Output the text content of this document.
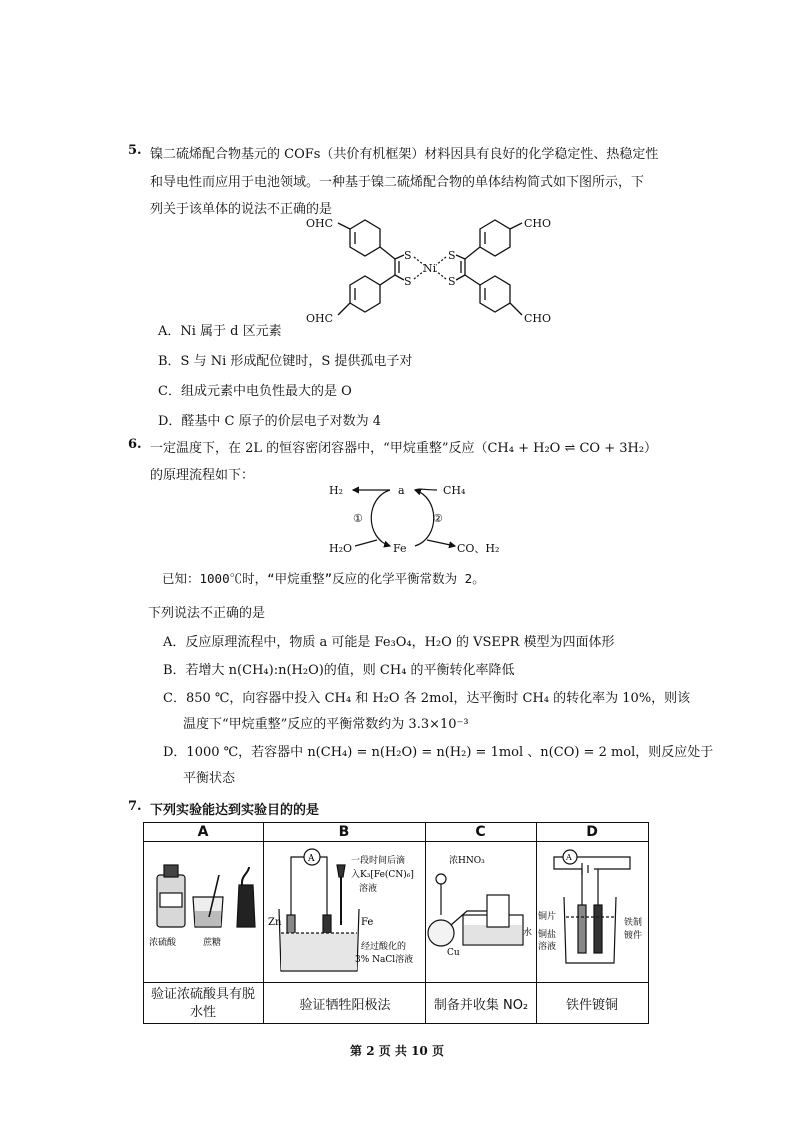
5. 镍二硫烯配合物基元的 COFs（共价有机框架）材料因具有良好的化学稳定性、热稳定性
和导电性而应用于电池领域。一种基于镍二硫烯配合物的单体结构简式如下图所示，下
列关于该单体的说法不正确的是
OHC	CHO
OHC	CHO
S
S
S
S
Ni
A．Ni 属于 d 区元素
B．S 与 Ni 形成配位键时，S 提供孤电子对
C．组成元素中电负性最大的是 O
D．醛基中 C 原子的价层电子对数为 4
6. 一定温度下，在 2L 的恒容密闭容器中，“甲烷重整”反应（CH₄ + H₂O ⇌ CO + 3H₂）
的原理流程如下：
H₂	a	CH₄
①	②
H₂O	Fe	CO、H₂
已知：1000℃时，“甲烷重整”反应的化学平衡常数为 2。
下列说法不正确的是
A．反应原理流程中，物质 a 可能是 Fe₃O₄，H₂O 的 VSEPR 模型为四面体形
B．若增大 n(CH₄):n(H₂O)的值，则 CH₄ 的平衡转化率降低
C．850 ℃，向容器中投入 CH₄ 和 H₂O 各 2mol，达平衡时 CH₄ 的转化率为 10%，则该
温度下“甲烷重整”反应的平衡常数约为 3.3×10⁻³
D．1000 ℃，若容器中 n(CH₄) = n(H₂O) = n(H₂) = 1mol 、n(CO) = 2 mol，则反应处于
平衡状态
7. 下列实验能达到实验目的的是
A	B	C	D
浓硫酸	蔗糖
A	一段时间后滴
入K₃[Fe(CN)₆]
溶液
Zn	Fe
经过酸化的
3% NaCl溶液
浓HNO₃
水
Cu
A
铜片
铜盐
溶液
铁制
镀件
验证浓硫酸具有脱水性	验证牺牲阳极法	制备并收集 NO₂	铁件镀铜
第 2 页 共 10 页
